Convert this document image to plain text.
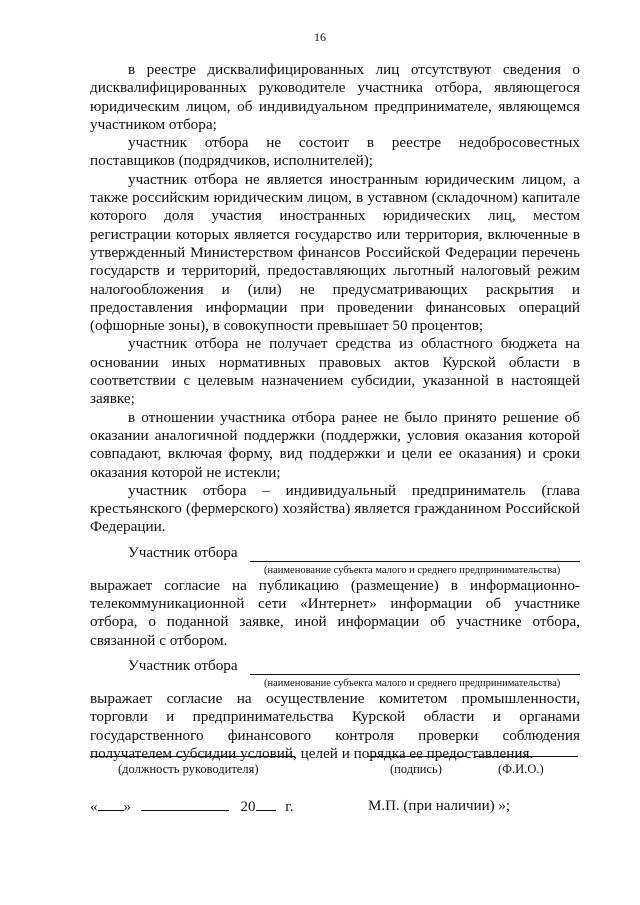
16

в реестре дисквалифицированных лиц отсутствуют сведения о дисквалифицированных руководителе участника отбора, являющегося юридическим лицом, об индивидуальном предпринимателе, являющемся участником отбора;

участник отбора не состоит в реестре недобросовестных поставщиков (подрядчиков, исполнителей);

участник отбора не является иностранным юридическим лицом, а также российским юридическим лицом, в уставном (складочном) капитале которого доля участия иностранных юридических лиц, местом регистрации которых является государство или территория, включенные в утвержденный Министерством финансов Российской Федерации перечень государств и территорий, предоставляющих льготный налоговый режим налогообложения и (или) не предусматривающих раскрытия и предоставления информации при проведении финансовых операций (офшорные зоны), в совокупности превышает 50 процентов;

участник отбора не получает средства из областного бюджета на основании иных нормативных правовых актов Курской области в соответствии с целевым назначением субсидии, указанной в настоящей заявке;

в отношении участника отбора ранее не было принято решение об оказании аналогичной поддержки (поддержки, условия оказания которой совпадают, включая форму, вид поддержки и цели ее оказания) и сроки оказания которой не истекли;

участник отбора – индивидуальный предприниматель (глава крестьянского (фермерского) хозяйства) является гражданином Российской Федерации.

Участник отбора

(наименование субъекта малого и среднего предпринимательства)

выражает согласие на публикацию (размещение) в информационно-телекоммуникационной сети «Интернет» информации об участнике отбора, о поданной заявке, иной информации об участнике отбора, связанной с отбором.

Участник отбора

(наименование субъекта малого и среднего предпринимательства)

выражает согласие на осуществление комитетом промышленности, торговли и предпринимательства Курской области и органами государственного финансового контроля проверки соблюдения получателем субсидии условий, целей и порядка ее предоставления.

(должность руководителя)	(подпись)	(Ф.И.О.)
« »	20 г.	М.П. (при наличии) »;
